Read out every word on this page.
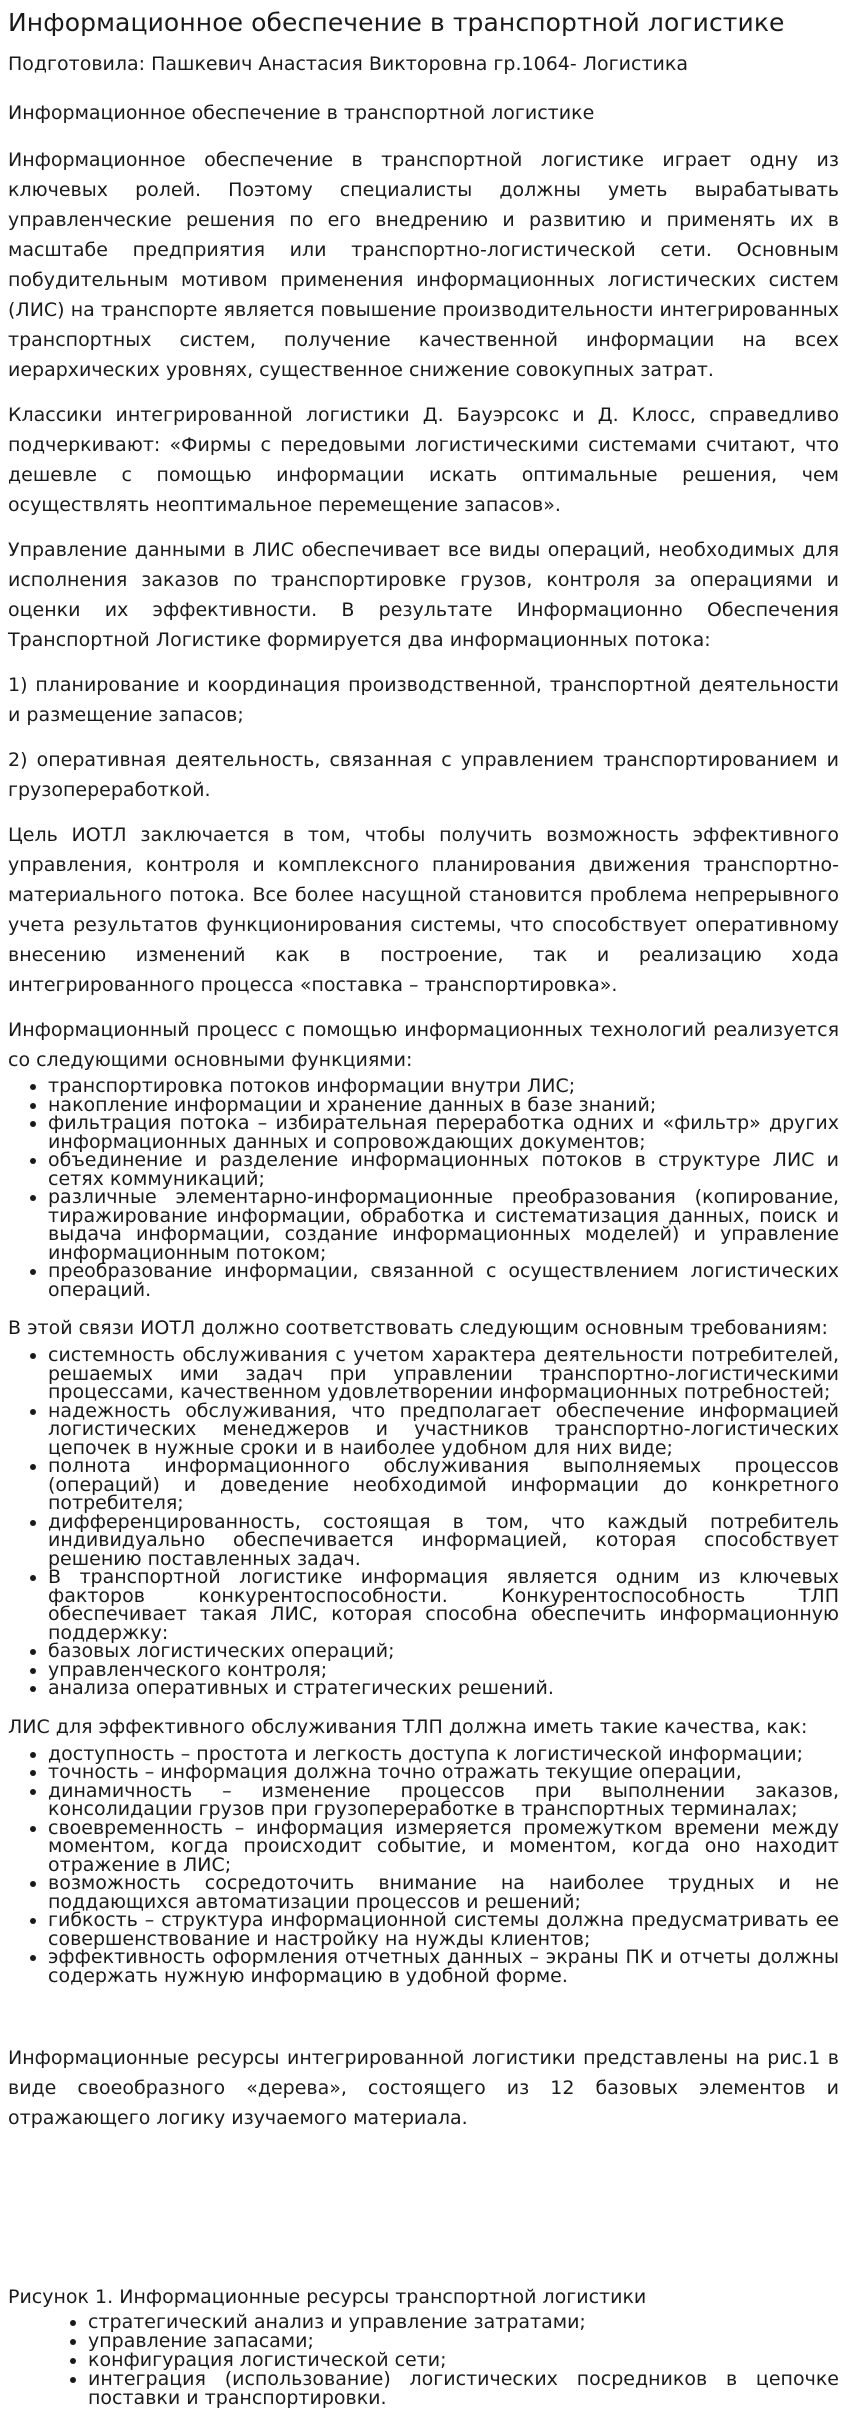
Информационное обеспечение в транспортной логистике
Подготовила: Пашкевич Анастасия Викторовна гр.1064- Логистика
Информационное обеспечение в транспортной логистике

Информационное обеспечение в транспортной логистике играет одну из ключевых ролей. Поэтому специалисты должны уметь вырабатывать управленческие решения по его внедрению и развитию и применять их в масштабе предприятия или транспортно-логистической сети. Основным побудительным мотивом применения информационных логистических систем (ЛИС) на транспорте является повышение производительности интегрированных транспортных систем, получение качественной информации на всех иерархических уровнях, существенное снижение совокупных затрат.

Классики интегрированной логистики Д. Бауэрсокс и Д. Клосс, справедливо подчеркивают: «Фирмы с передовыми логистическими системами считают, что дешевле с помощью информации искать оптимальные решения, чем осуществлять неоптимальное перемещение запасов».

Управление данными в ЛИС обеспечивает все виды операций, необходимых для исполнения заказов по транспортировке грузов, контроля за операциями и оценки их эффективности. В результате Информационно Обеспечения Транспортной Логистике формируется два информационных потока:

1) планирование и координация производственной, транспортной деятельности и размещение запасов;

2) оперативная деятельность, связанная с управлением транспортированием и грузопереработкой.

Цель ИОТЛ заключается в том, чтобы получить возможность эффективного управления, контроля и комплексного планирования движения транспортно-материального потока. Все более насущной становится проблема непрерывного учета результатов функционирования системы, что способствует оперативному внесению изменений как в построение, так и реализацию хода интегрированного процесса «поставка – транспортировка».

Информационный процесс с помощью информационных технологий реализуется со следующими основными функциями:

• транспортировка потоков информации внутри ЛИС;
• накопление информации и хранение данных в базе знаний;
• фильтрация потока – избирательная переработка одних и «фильтр» других информационных данных и сопровождающих документов;
• объединение и разделение информационных потоков в структуре ЛИС и сетях коммуникаций;
• различные элементарно-информационные преобразования (копирование, тиражирование информации, обработка и систематизация данных, поиск и выдача информации, создание информационных моделей) и управление информационным потоком;
• преобразование информации, связанной с осуществлением логистических операций.

В этой связи ИОТЛ должно соответствовать следующим основным требованиям:

• системность обслуживания с учетом характера деятельности потребителей, решаемых ими задач при управлении транспортно-логистическими процессами, качественном удовлетворении информационных потребностей;
• надежность обслуживания, что предполагает обеспечение информацией логистических менеджеров и участников транспортно-логистических цепочек в нужные сроки и в наиболее удобном для них виде;
• полнота информационного обслуживания выполняемых процессов (операций) и доведение необходимой информации до конкретного потребителя;
• дифференцированность, состоящая в том, что каждый потребитель индивидуально обеспечивается информацией, которая способствует решению поставленных задач.
• В транспортной логистике информация является одним из ключевых факторов конкурентоспособности. Конкурентоспособность ТЛП обеспечивает такая ЛИС, которая способна обеспечить информационную поддержку:
• базовых логистических операций;
• управленческого контроля;
• анализа оперативных и стратегических решений.

ЛИС для эффективного обслуживания ТЛП должна иметь такие качества, как:

• доступность – простота и легкость доступа к логистической информации;
• точность – информация должна точно отражать текущие операции,
• динамичность – изменение процессов при выполнении заказов, консолидации грузов при грузопереработке в транспортных терминалах;
• своевременность – информация измеряется промежутком времени между моментом, когда происходит событие, и моментом, когда оно находит отражение в ЛИС;
• возможность сосредоточить внимание на наиболее трудных и не поддающихся автоматизации процессов и решений;
• гибкость – структура информационной системы должна предусматривать ее совершенствование и настройку на нужды клиентов;
• эффективность оформления отчетных данных – экраны ПК и отчеты должны содержать нужную информацию в удобной форме.

Информационные ресурсы интегрированной логистики представлены на рис.1 в виде своеобразного «дерева», состоящего из 12 базовых элементов и отражающего логику изучаемого материала.

Рисунок 1. Информационные ресурсы транспортной логистики
• стратегический анализ и управление затратами;
• управление запасами;
• конфигурация логистической сети;
• интеграция (использование) логистических посредников в цепочке поставки и транспортировки.
